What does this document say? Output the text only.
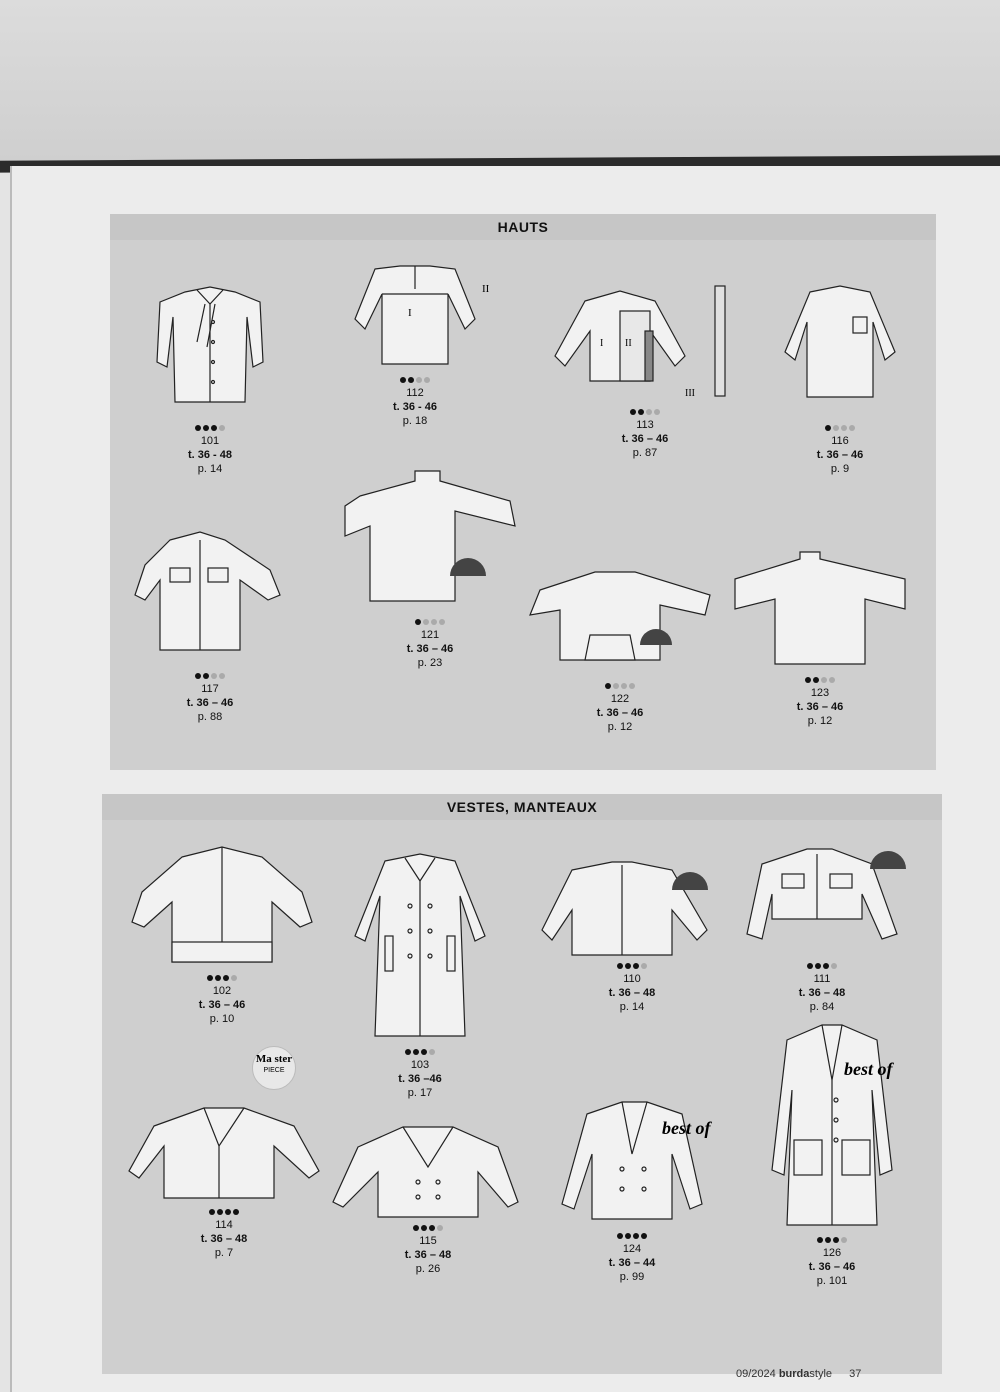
HAUTS
101
t. 36 - 48
p. 14
I
II
112
t. 36 - 46
p. 18
I II
III
113
t. 36 – 46
p. 87
116
t. 36 – 46
p. 9
117
t. 36 – 46
p. 88
121
t. 36 – 46
p. 23
122
t. 36 – 46
p. 12
123
t. 36 – 46
p. 12
VESTES, MANTEAUX
102
t. 36 – 46
p. 10
103
t. 36 –46
p. 17
110
t. 36 – 48
p. 14
111
t. 36 – 48
p. 84
114
t. 36 – 48
p. 7
Ma ster
PIECE
115
t. 36 – 48
p. 26
best of
124
t. 36 – 44
p. 99
best of
126
t. 36 – 46
p. 101
09/2024 burdastyle 37
